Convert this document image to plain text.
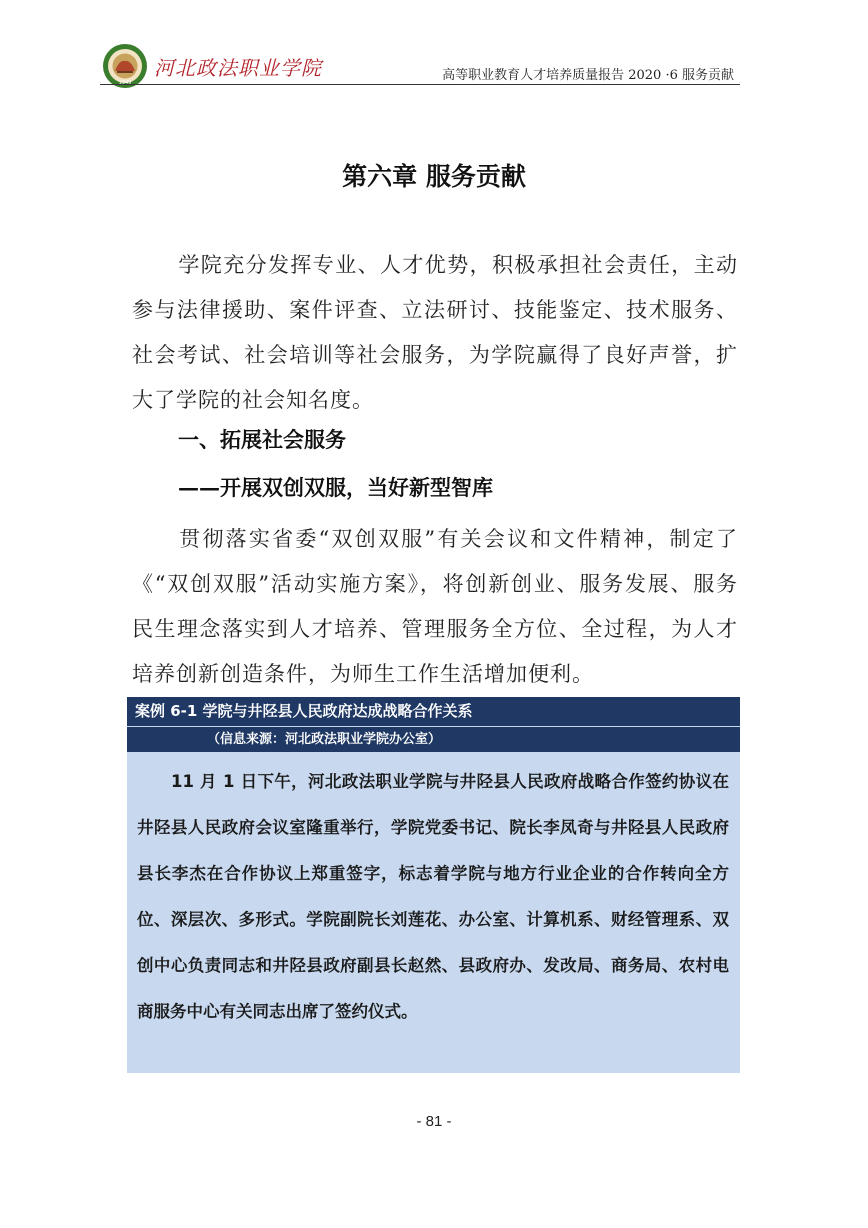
1949
河北政法职业学院	高等职业教育人才培养质量报告 2020 ·6 服务贡献
第六章 服务贡献
学院充分发挥专业、人才优势，积极承担社会责任，主动参与法律援助、案件评查、立法研讨、技能鉴定、技术服务、社会考试、社会培训等社会服务，为学院赢得了良好声誉，扩大了学院的社会知名度。
一、拓展社会服务
——开展双创双服，当好新型智库
贯彻落实省委“双创双服”有关会议和文件精神，制定了《“双创双服”活动实施方案》，将创新创业、服务发展、服务民生理念落实到人才培养、管理服务全方位、全过程，为人才培养创新创造条件，为师生工作生活增加便利。
案例 6-1 学院与井陉县人民政府达成战略合作关系
（信息来源：河北政法职业学院办公室）
11 月 1 日下午，河北政法职业学院与井陉县人民政府战略合作签约协议在井陉县人民政府会议室隆重举行，学院党委书记、院长李凤奇与井陉县人民政府县长李杰在合作协议上郑重签字，标志着学院与地方行业企业的合作转向全方位、深层次、多形式。学院副院长刘莲花、办公室、计算机系、财经管理系、双创中心负责同志和井陉县政府副县长赵然、县政府办、发改局、商务局、农村电商服务中心有关同志出席了签约仪式。
- 81 -
